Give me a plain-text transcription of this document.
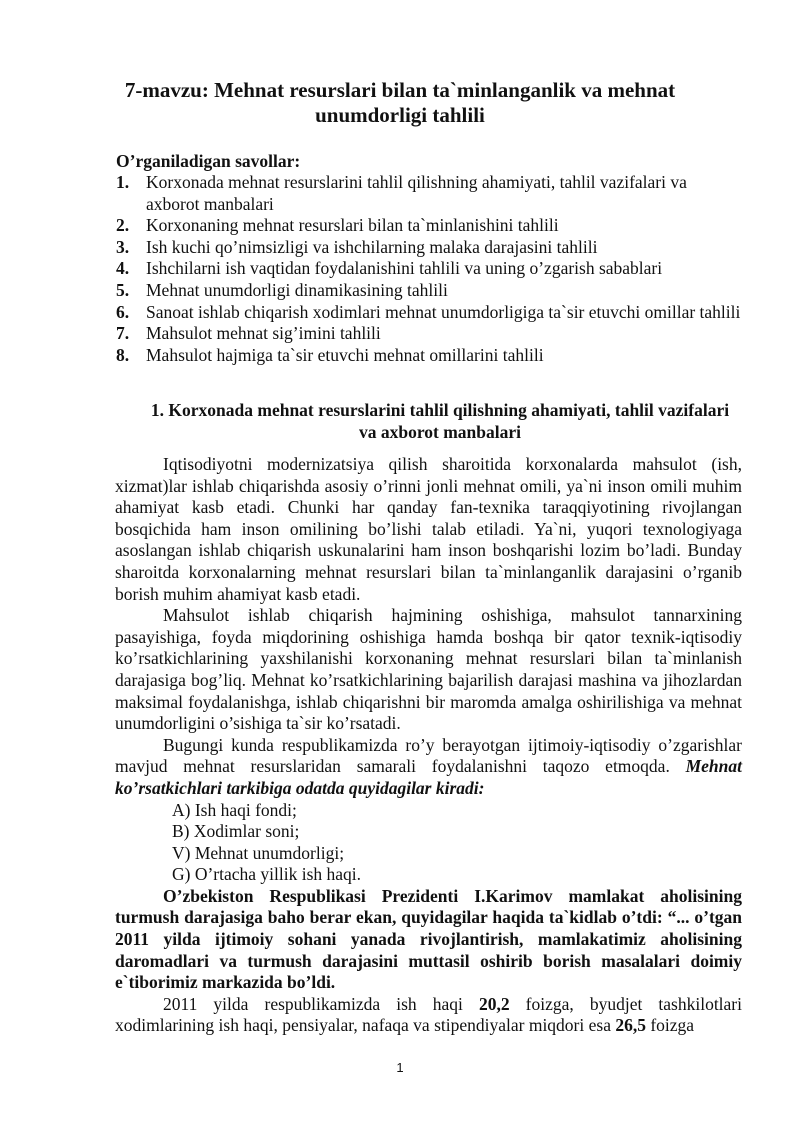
7-mavzu: Mehnat resurslari bilan ta`minlanganlik va mehnat unumdorligi tahlili
O’rganiladigan savollar:
1. Korxonada mehnat resurslarini tahlil qilishning ahamiyati, tahlil vazifalari va axborot manbalari
2. Korxonaning mehnat resurslari bilan ta`minlanishini tahlili
3. Ish kuchi qo’nimsizligi va ishchilarning malaka darajasini tahlili
4. Ishchilarni ish vaqtidan foydalanishini tahlili va uning o’zgarish sabablari
5. Mehnat unumdorligi dinamikasining tahlili
6. Sanoat ishlab chiqarish xodimlari mehnat unumdorligiga ta`sir etuvchi omillar tahlili
7. Mahsulot mehnat sig’imini tahlili
8. Mahsulot hajmiga ta`sir etuvchi mehnat omillarini tahlili
1. Korxonada mehnat resurslarini tahlil qilishning ahamiyati, tahlil vazifalari va axborot manbalari

Iqtisodiyotni modernizatsiya qilish sharoitida korxonalarda mahsulot (ish, xizmat)lar ishlab chiqarishda asosiy o’rinni jonli mehnat omili, ya`ni inson omili muhim ahamiyat kasb etadi. Chunki har qanday fan-texnika taraqqiyotining rivojlangan bosqichida ham inson omilining bo’lishi talab etiladi. Ya`ni, yuqori texnologiyaga asoslangan ishlab chiqarish uskunalarini ham inson boshqarishi lozim bo’ladi. Bunday sharoitda korxonalarning mehnat resurslari bilan ta`minlanganlik darajasini o’rganib borish muhim ahamiyat kasb etadi.

Mahsulot ishlab chiqarish hajmining oshishiga, mahsulot tannarxining pasayishiga, foyda miqdorining oshishiga hamda boshqa bir qator texnik-iqtisodiy ko’rsatkichlarining yaxshilanishi korxonaning mehnat resurslari bilan ta`minlanish darajasiga bog’liq. Mehnat ko’rsatkichlarining bajarilish darajasi mashina va jihozlardan maksimal foydalanishga, ishlab chiqarishni bir maromda amalga oshirilishiga va mehnat unumdorligini o’sishiga ta`sir ko’rsatadi.

Bugungi kunda respublikamizda ro’y berayotgan ijtimoiy-iqtisodiy o’zgarishlar mavjud mehnat resurslaridan samarali foydalanishni taqozo etmoqda. Mehnat ko’rsatkichlari tarkibiga odatda quyidagilar kiradi:

A) Ish haqi fondi;

B) Xodimlar soni;

V) Mehnat unumdorligi;

G) O’rtacha yillik ish haqi.

O’zbekiston Respublikasi Prezidenti I.Karimov mamlakat aholisining turmush darajasiga baho berar ekan, quyidagilar haqida ta`kidlab o’tdi: “... o’tgan 2011 yilda ijtimoiy sohani yanada rivojlantirish, mamlakatimiz aholisining daromadlari va turmush darajasini muttasil oshirib borish masalalari doimiy e`tiborimiz markazida bo’ldi.

2011 yilda respublikamizda ish haqi 20,2 foizga, byudjet tashkilotlari xodimlarining ish haqi, pensiyalar, nafaqa va stipendiyalar miqdori esa 26,5 foizga

1
